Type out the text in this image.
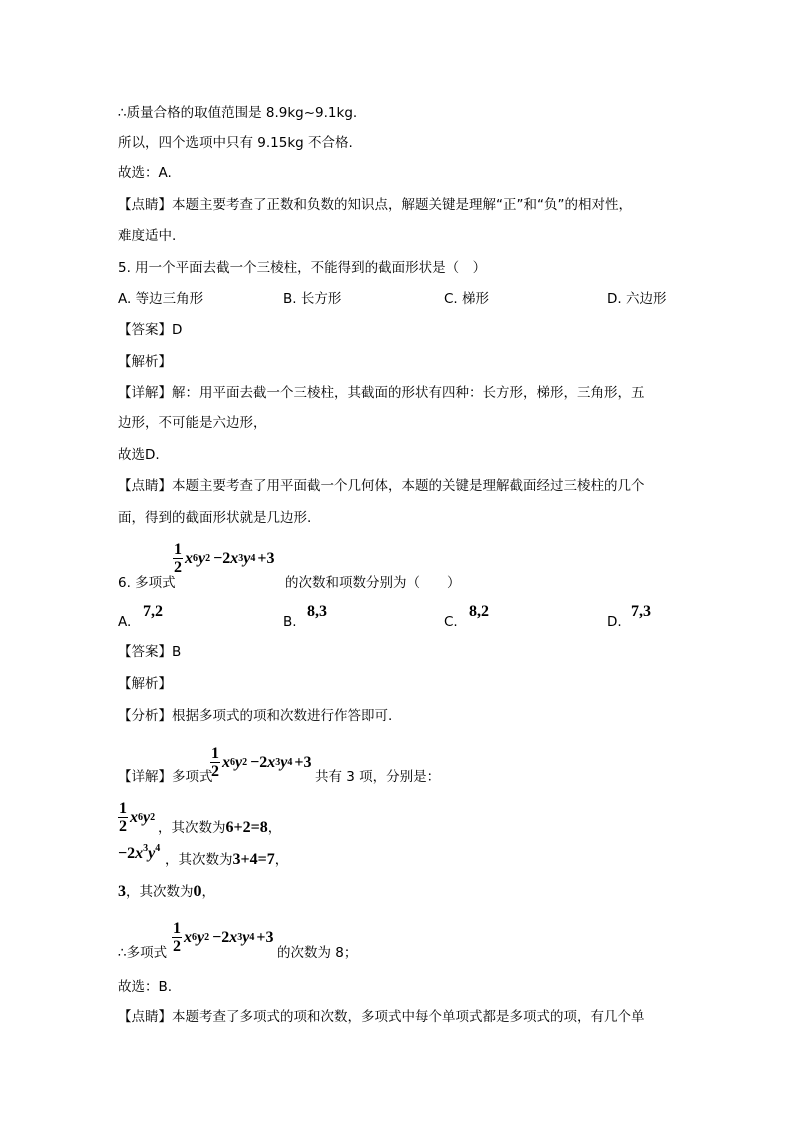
∴质量合格的取值范围是 8.9kg~9.1kg.
所以，四个选项中只有 9.15kg 不合格.
故选：A.
【点睛】本题主要考查了正数和负数的知识点，解题关键是理解“正”和“负”的相对性，
难度适中.
5. 用一个平面去截一个三棱柱，不能得到的截面形状是（　）
A. 等边三角形	B. 长方形	C. 梯形	D. 六边形
【答案】D
【解析】
【详解】解：用平面去截一个三棱柱，其截面的形状有四种：长方形，梯形，三角形，五
边形，不可能是六边形，
故选D.
【点睛】本题主要考查了用平面截一个几何体，本题的关键是理解截面经过三棱柱的几个
面，得到的截面形状就是几边形.
6. 多项式
$\frac{1}{2}$ x 6 y 2 −2 x 3 y 4 +3
的次数和项数分别为（　　）
A.
7,2
B.
8,3
C.
8,2
D.
7,3
【答案】B
【解析】
【分析】根据多项式的项和次数进行作答即可.
【详解】多项式
$\frac{1}{2}$ x 6 y 2 −2 x 3 y 4 +3
共有 3 项，分别是：
$\frac{1}{2}$ x 6 y 2
，其次数为6+2=8，
$-2x^3y^4$
，其次数为3+4=7，
3，其次数为0，
∴多项式 $\frac{1}{2}$ x 6 y 2 −2 x 3 y 4 +3
的次数为 8；
故选：B.
【点睛】本题考查了多项式的项和次数，多项式中每个单项式都是多项式的项，有几个单
